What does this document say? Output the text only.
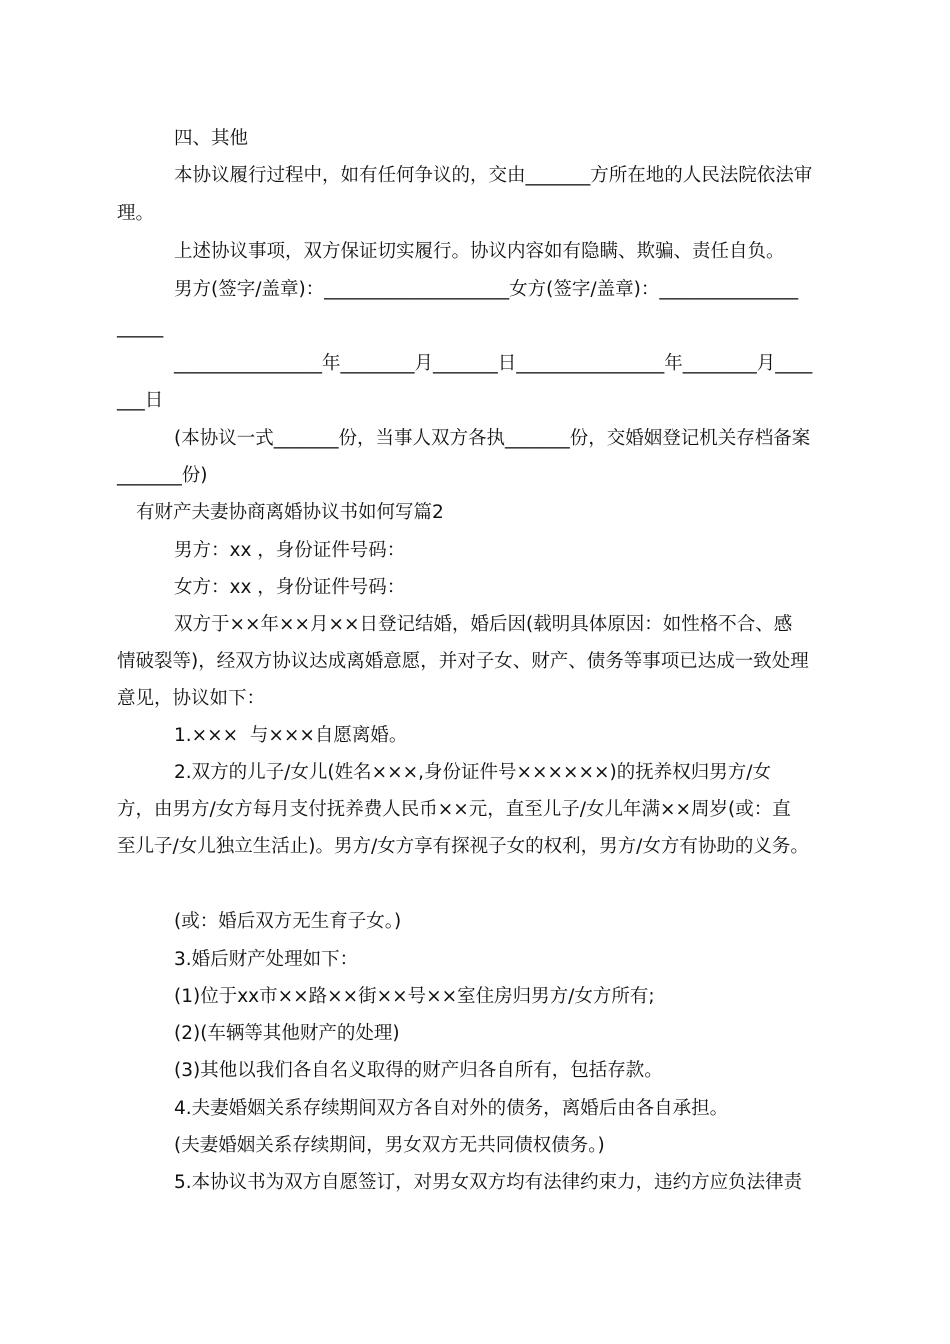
四、其他

本协议履行过程中，如有任何争议的，交由_______方所在地的人民法院依法审

理。

上述协议事项，双方保证切实履行。协议内容如有隐瞒、欺骗、责任自负。

男方(签字/盖章)：____________________女方(签字/盖章)：_______________

_____

________________年________月_______日________________年________月____

___日

(本协议一式_______份，当事人双方各执_______份，交婚姻登记机关存档备案

_______份)

有财产夫妻协商离婚协议书如何写篇2

男方：xx ，身份证件号码：

女方：xx ，身份证件号码：

双方于××年××月××日登记结婚，婚后因(载明具体原因：如性格不合、感

情破裂等)，经双方协议达成离婚意愿，并对子女、财产、债务等事项已达成一致处理

意见，协议如下：

1.×××  与×××自愿离婚。

2.双方的儿子/女儿(姓名×××,身份证件号××××××)的抚养权归男方/女

方，由男方/女方每月支付抚养费人民币××元，直至儿子/女儿年满××周岁(或：直

至儿子/女儿独立生活止)。男方/女方享有探视子女的权利，男方/女方有协助的义务。

(或：婚后双方无生育子女。)

3.婚后财产处理如下：

(1)位于xx市××路××街××号××室住房归男方/女方所有;

(2)(车辆等其他财产的处理)

(3)其他以我们各自名义取得的财产归各自所有，包括存款。

4.夫妻婚姻关系存续期间双方各自对外的债务，离婚后由各自承担。

(夫妻婚姻关系存续期间，男女双方无共同债权债务。)

5.本协议书为双方自愿签订，对男女双方均有法律约束力，违约方应负法律责
